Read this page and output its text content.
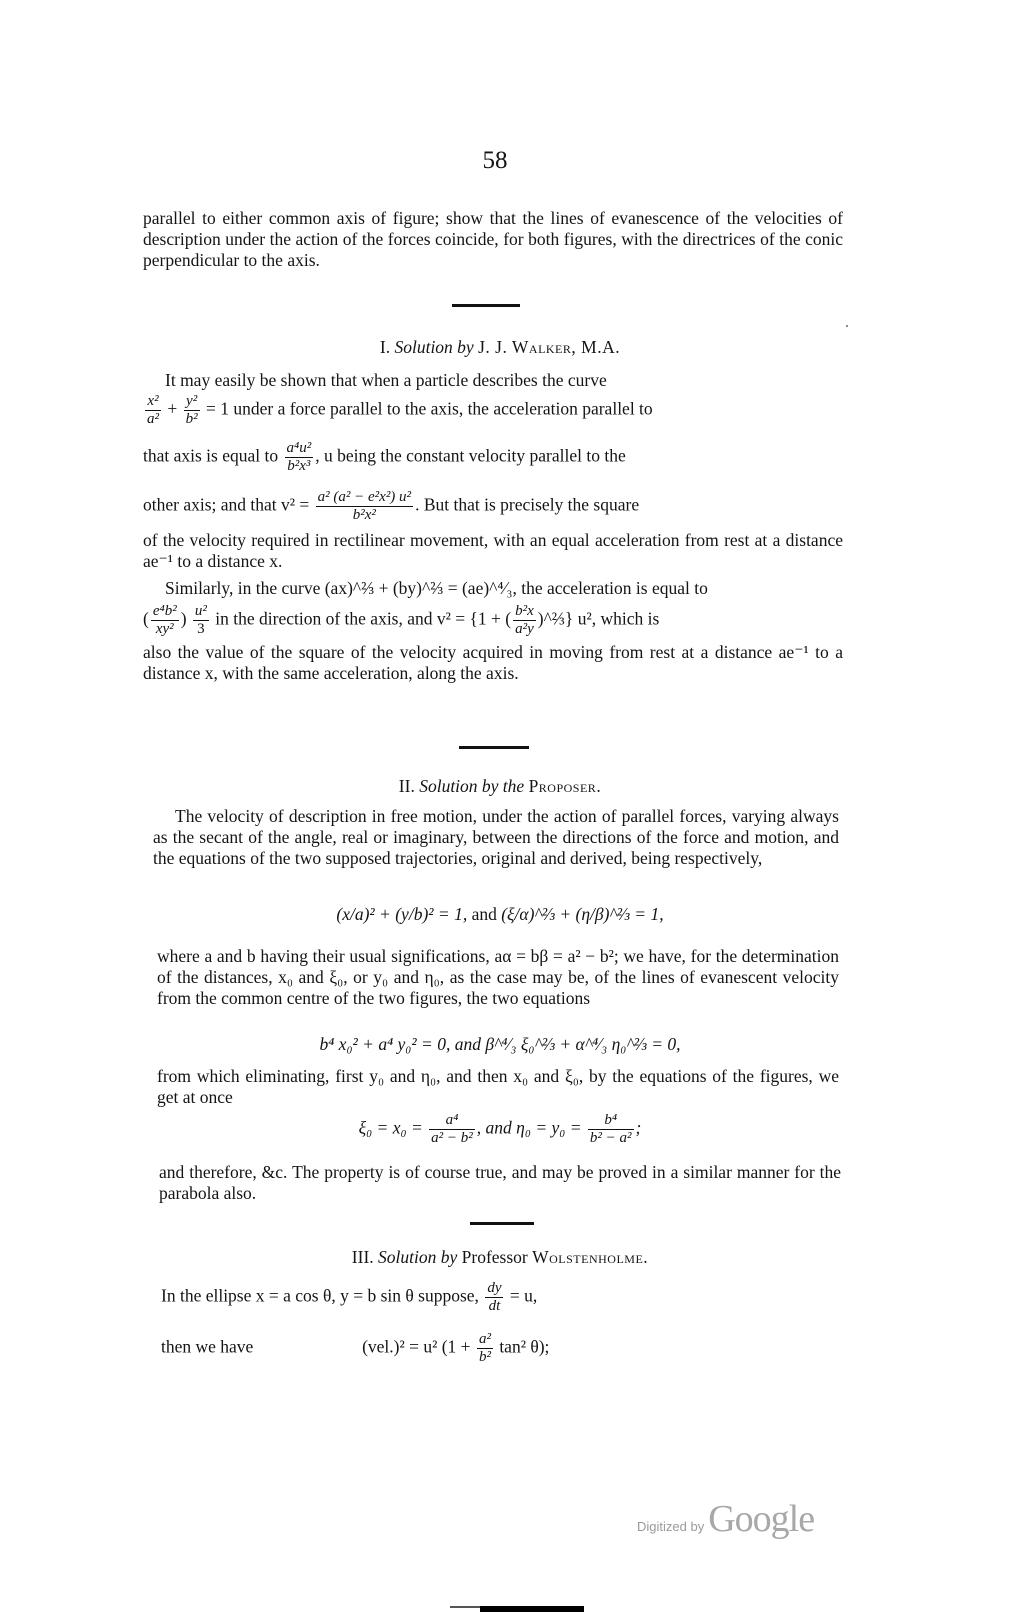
58

parallel to either common axis of figure; show that the lines of evanescence of the velocities of description under the action of the forces coincide, for both figures, with the directrices of the conic perpendicular to the axis.

I. Solution by J. J. Walker, M.A.

It may easily be shown that when a particle describes the curve

$\frac{\text{x²}}{\text{a²}} + \frac{\text{y²}}{\text{b²}} = 1$ under a force parallel to the axis, the acceleration parallel to

that axis is equal to $\frac{\text{a⁴u²}}{\text{b²x³}}$ , u being the constant velocity parallel to the

other axis; and that $v^2 = \frac{\text{a² (a² − e²x²) u²}}{\text{b²x²}}$ . But that is precisely the square

of the velocity required in rectilinear movement, with an equal acceleration from rest at a distance ae⁻¹ to a distance x.

Similarly, in the curve (ax)^⅔ + (by)^⅔ = (ae)^⁴⁄₃, the acceleration is equal to

( $\frac{\text{e⁴b²}}{\text{xy²}}$ ) $\frac{\text{u²}}{3}$ in the direction of the axis, and v² = {1 + ( $\frac{\text{b²x}}{\text{a²y}}$ )^⅔} u², which is

also the value of the square of the velocity acquired in moving from rest at a distance ae⁻¹ to a distance x, with the same acceleration, along the axis.

II. Solution by the Proposer.

The velocity of description in free motion, under the action of parallel forces, varying always as the secant of the angle, real or imaginary, between the directions of the force and motion, and the equations of the two supposed trajectories, original and derived, being respectively,

(x/a)² + (y/b)² = 1, and (ξ/α)^⅔ + (η/β)^⅔ = 1,

where a and b having their usual significations, aα = bβ = a² − b²; we have, for the determination of the distances, x₀ and ξ₀, or y₀ and η₀, as the case may be, of the lines of evanescent velocity from the common centre of the two figures, the two equations

b⁴ x₀² + a⁴ y₀² = 0, and β^⁴⁄₃ ξ₀^⅔ + α^⁴⁄₃ η₀^⅔ = 0,

from which eliminating, first y₀ and η₀, and then x₀ and ξ₀, by the equations of the figures, we get at once

$\xi_0 = x_0 = \frac{\text{a⁴}}{\text{a² − b²}}$ , and $\eta_0 = y_0 = \frac{\text{b⁴}}{\text{b² − a²}}$ ;

and therefore, &c. The property is of course true, and may be proved in a similar manner for the parabola also.

III. Solution by Professor Wolstenholme.

In the ellipse x = a cos θ, y = b sin θ suppose, $\frac{dy}{dt} = u$,

then we have	(vel.)² = u² ($1 + \frac{\text{a²}}{\text{b²}} \tan^2$ θ);

Digitized by Google
